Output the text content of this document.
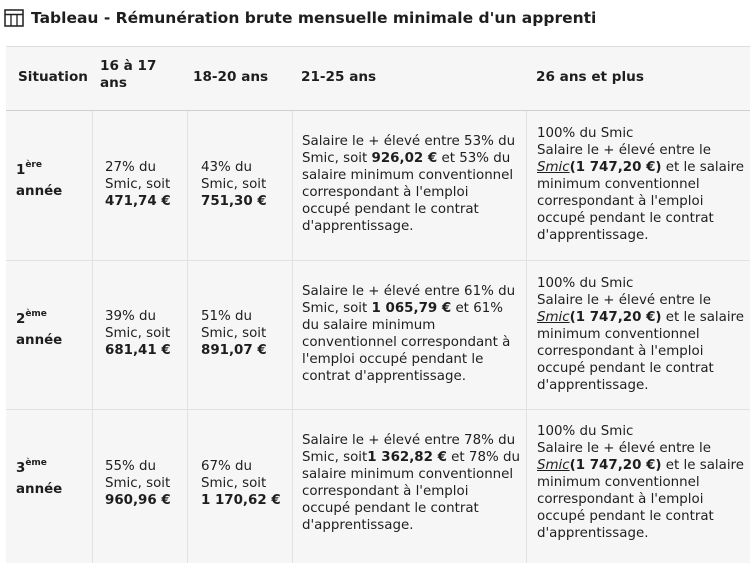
Tableau - Rémunération brute mensuelle minimale d'un apprenti
Situation
16 à 17 ans	18-20 ans 21-25 ans	26 ans et plus
1ère
année
27% du Smic, soit
471,74 €
43% du Smic, soit
751,30 €
Salaire le + élevé entre 53% du Smic, soit 926,02 € et 53% du salaire minimum conventionnel correspondant à l'emploi occupé pendant le contrat d'apprentissage.
100% du Smic
Salaire le + élevé entre le Smic(1 747,20 €) et le salaire minimum conventionnel correspondant à l'emploi occupé pendant le contrat d'apprentissage.
2ème
année
39% du Smic, soit
681,41 €
51% du Smic, soit
891,07 €
Salaire le + élevé entre 61% du Smic, soit 1 065,79 € et 61% du salaire minimum conventionnel correspondant à l'emploi occupé pendant le contrat d'apprentissage.
100% du Smic
Salaire le + élevé entre le Smic(1 747,20 €) et le salaire minimum conventionnel correspondant à l'emploi occupé pendant le contrat d'apprentissage.
3ème
année
55% du Smic, soit
960,96 €
67% du Smic, soit
1 170,62 €
Salaire le + élevé entre 78% du Smic, soit1 362,82 € et 78% du salaire minimum conventionnel correspondant à l'emploi occupé pendant le contrat d'apprentissage.
100% du Smic
Salaire le + élevé entre le Smic(1 747,20 €) et le salaire minimum conventionnel correspondant à l'emploi occupé pendant le contrat d'apprentissage.
